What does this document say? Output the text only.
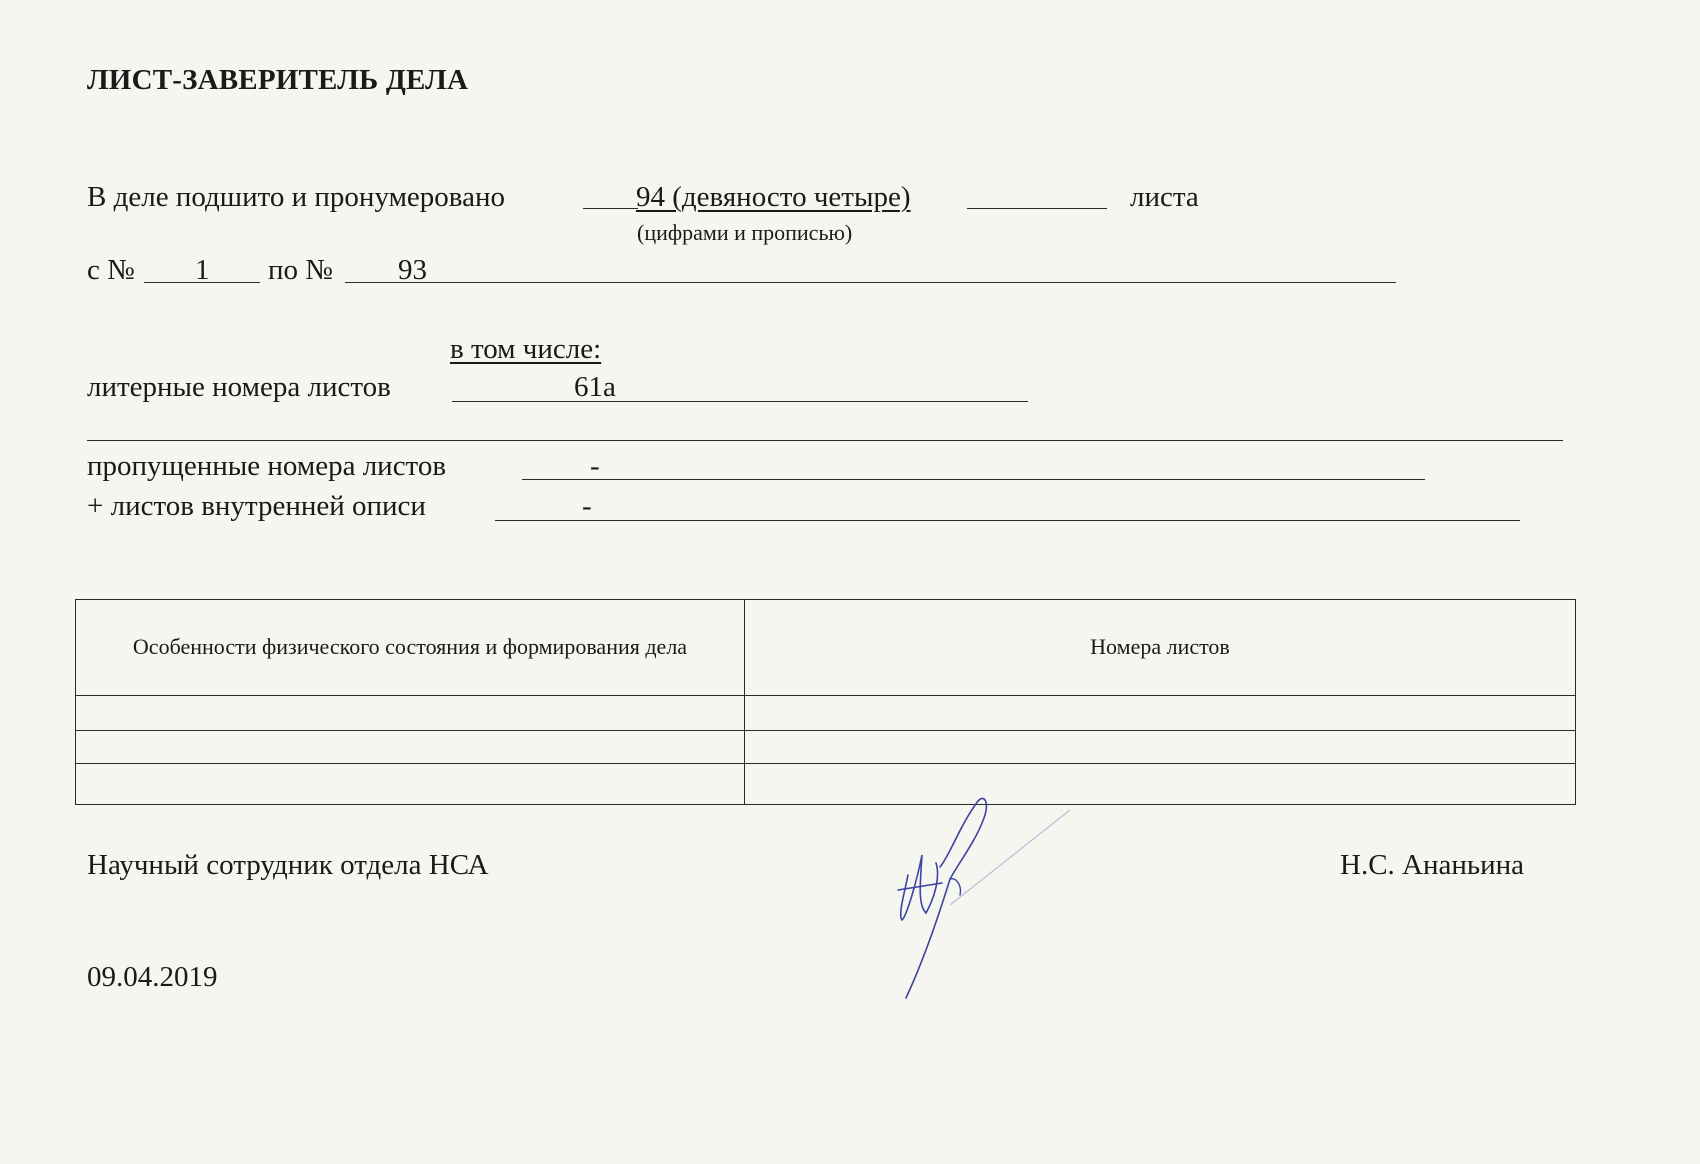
ЛИСТ-ЗАВЕРИТЕЛЬ ДЕЛА
В деле подшито и пронумеровано	94 (девяносто четыре)	листа
(цифрами и прописью)
с № 1 по № 93
в том числе:
литерные номера листов	61а
пропущенные номера листов	-
+ листов внутренней описи	-
Особенности физического состояния и формирования дела	Номера листов

Научный сотрудник отдела НСА	Н.С. Ананьина
09.04.2019
